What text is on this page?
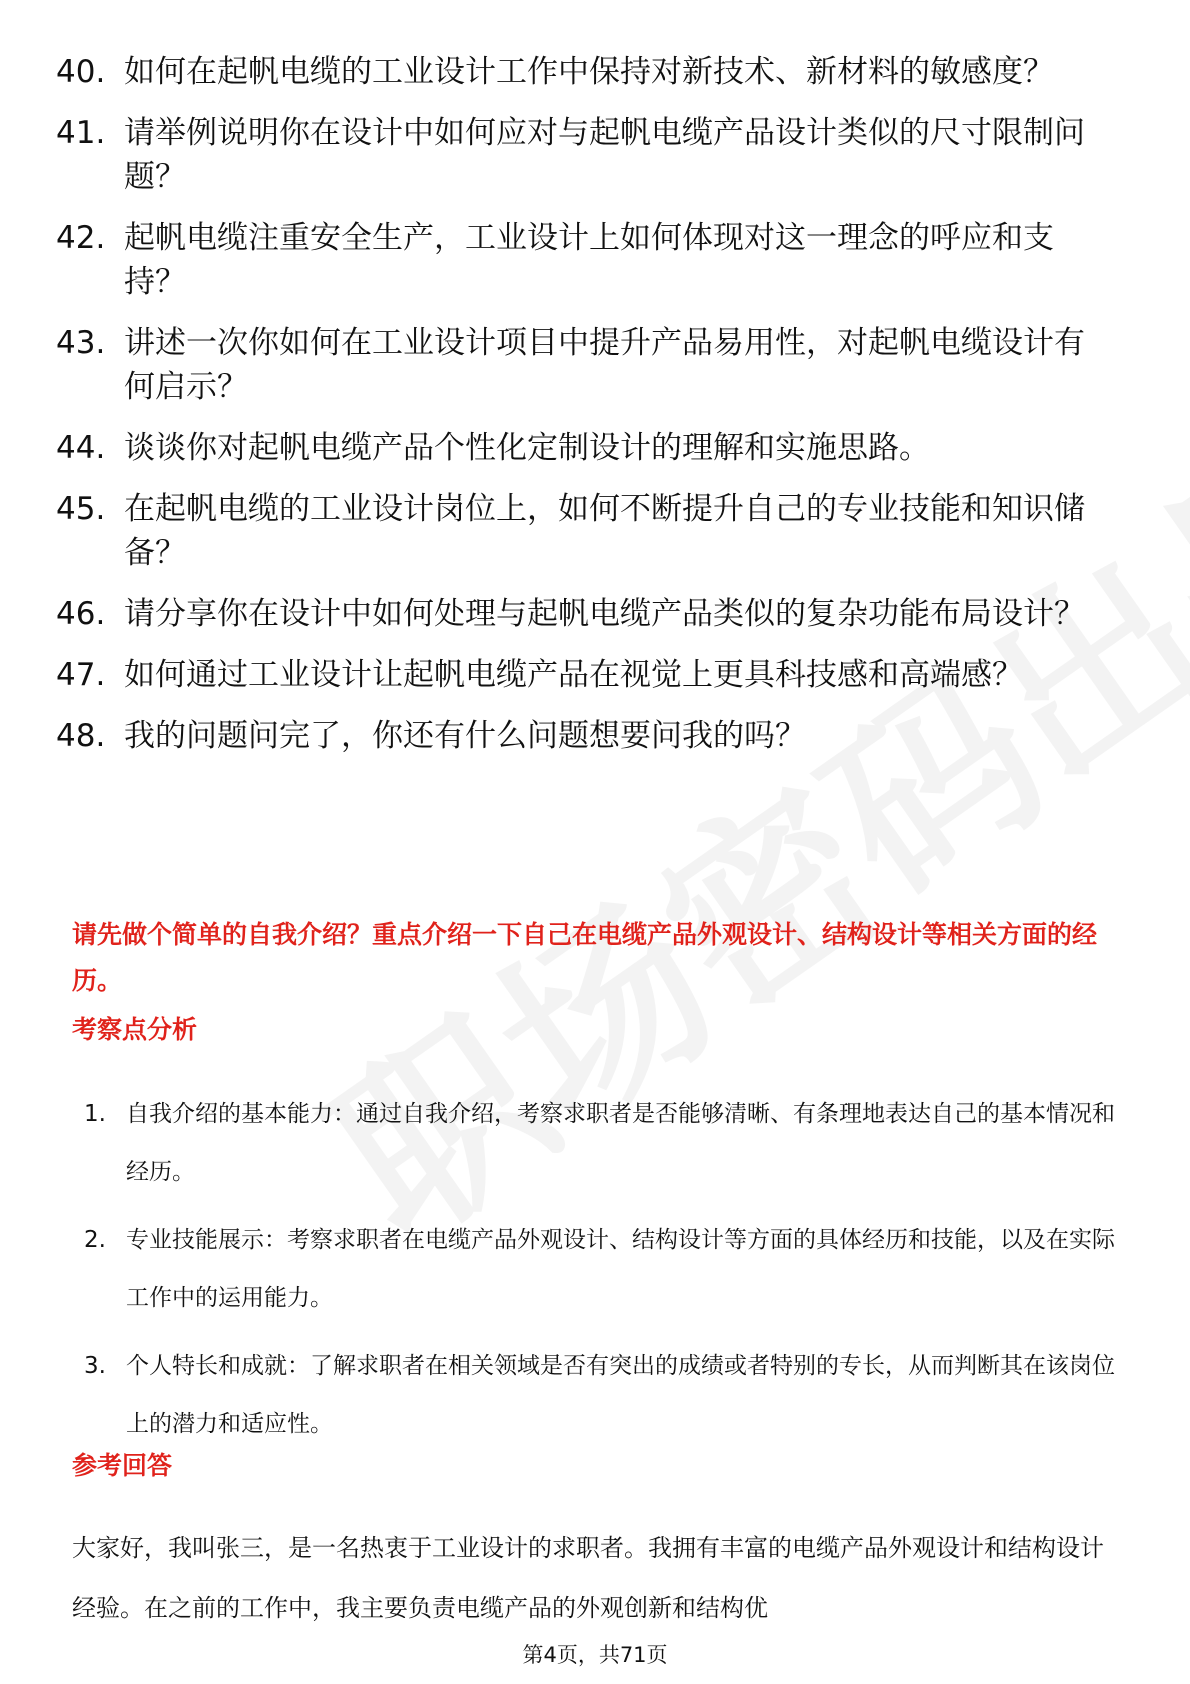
40. 如何在起帆电缆的工业设计工作中保持对新技术、新材料的敏感度？
41. 请举例说明你在设计中如何应对与起帆电缆产品设计类似的尺寸限制问题？
42. 起帆电缆注重安全生产，工业设计上如何体现对这一理念的呼应和支持？
43. 讲述一次你如何在工业设计项目中提升产品易用性，对起帆电缆设计有何启示？
44. 谈谈你对起帆电缆产品个性化定制设计的理解和实施思路。
45. 在起帆电缆的工业设计岗位上，如何不断提升自己的专业技能和知识储备？
46. 请分享你在设计中如何处理与起帆电缆产品类似的复杂功能布局设计？
47. 如何通过工业设计让起帆电缆产品在视觉上更具科技感和高端感？
48. 我的问题问完了，你还有什么问题想要问我的吗？
请先做个简单的自我介绍？重点介绍一下自己在电缆产品外观设计、结构设计等相关方面的经历。
考察点分析
1. 自我介绍的基本能力：通过自我介绍，考察求职者是否能够清晰、有条理地表达自己的基本情况和经历。
2. 专业技能展示：考察求职者在电缆产品外观设计、结构设计等方面的具体经历和技能，以及在实际工作中的运用能力。
3. 个人特长和成就：了解求职者在相关领域是否有突出的成绩或者特别的专长，从而判断其在该岗位上的潜力和适应性。
参考回答
大家好，我叫张三，是一名热衷于工业设计的求职者。我拥有丰富的电缆产品外观设计和结构设计经验。在之前的工作中，我主要负责电缆产品的外观创新和结构优
第4页，共71页
